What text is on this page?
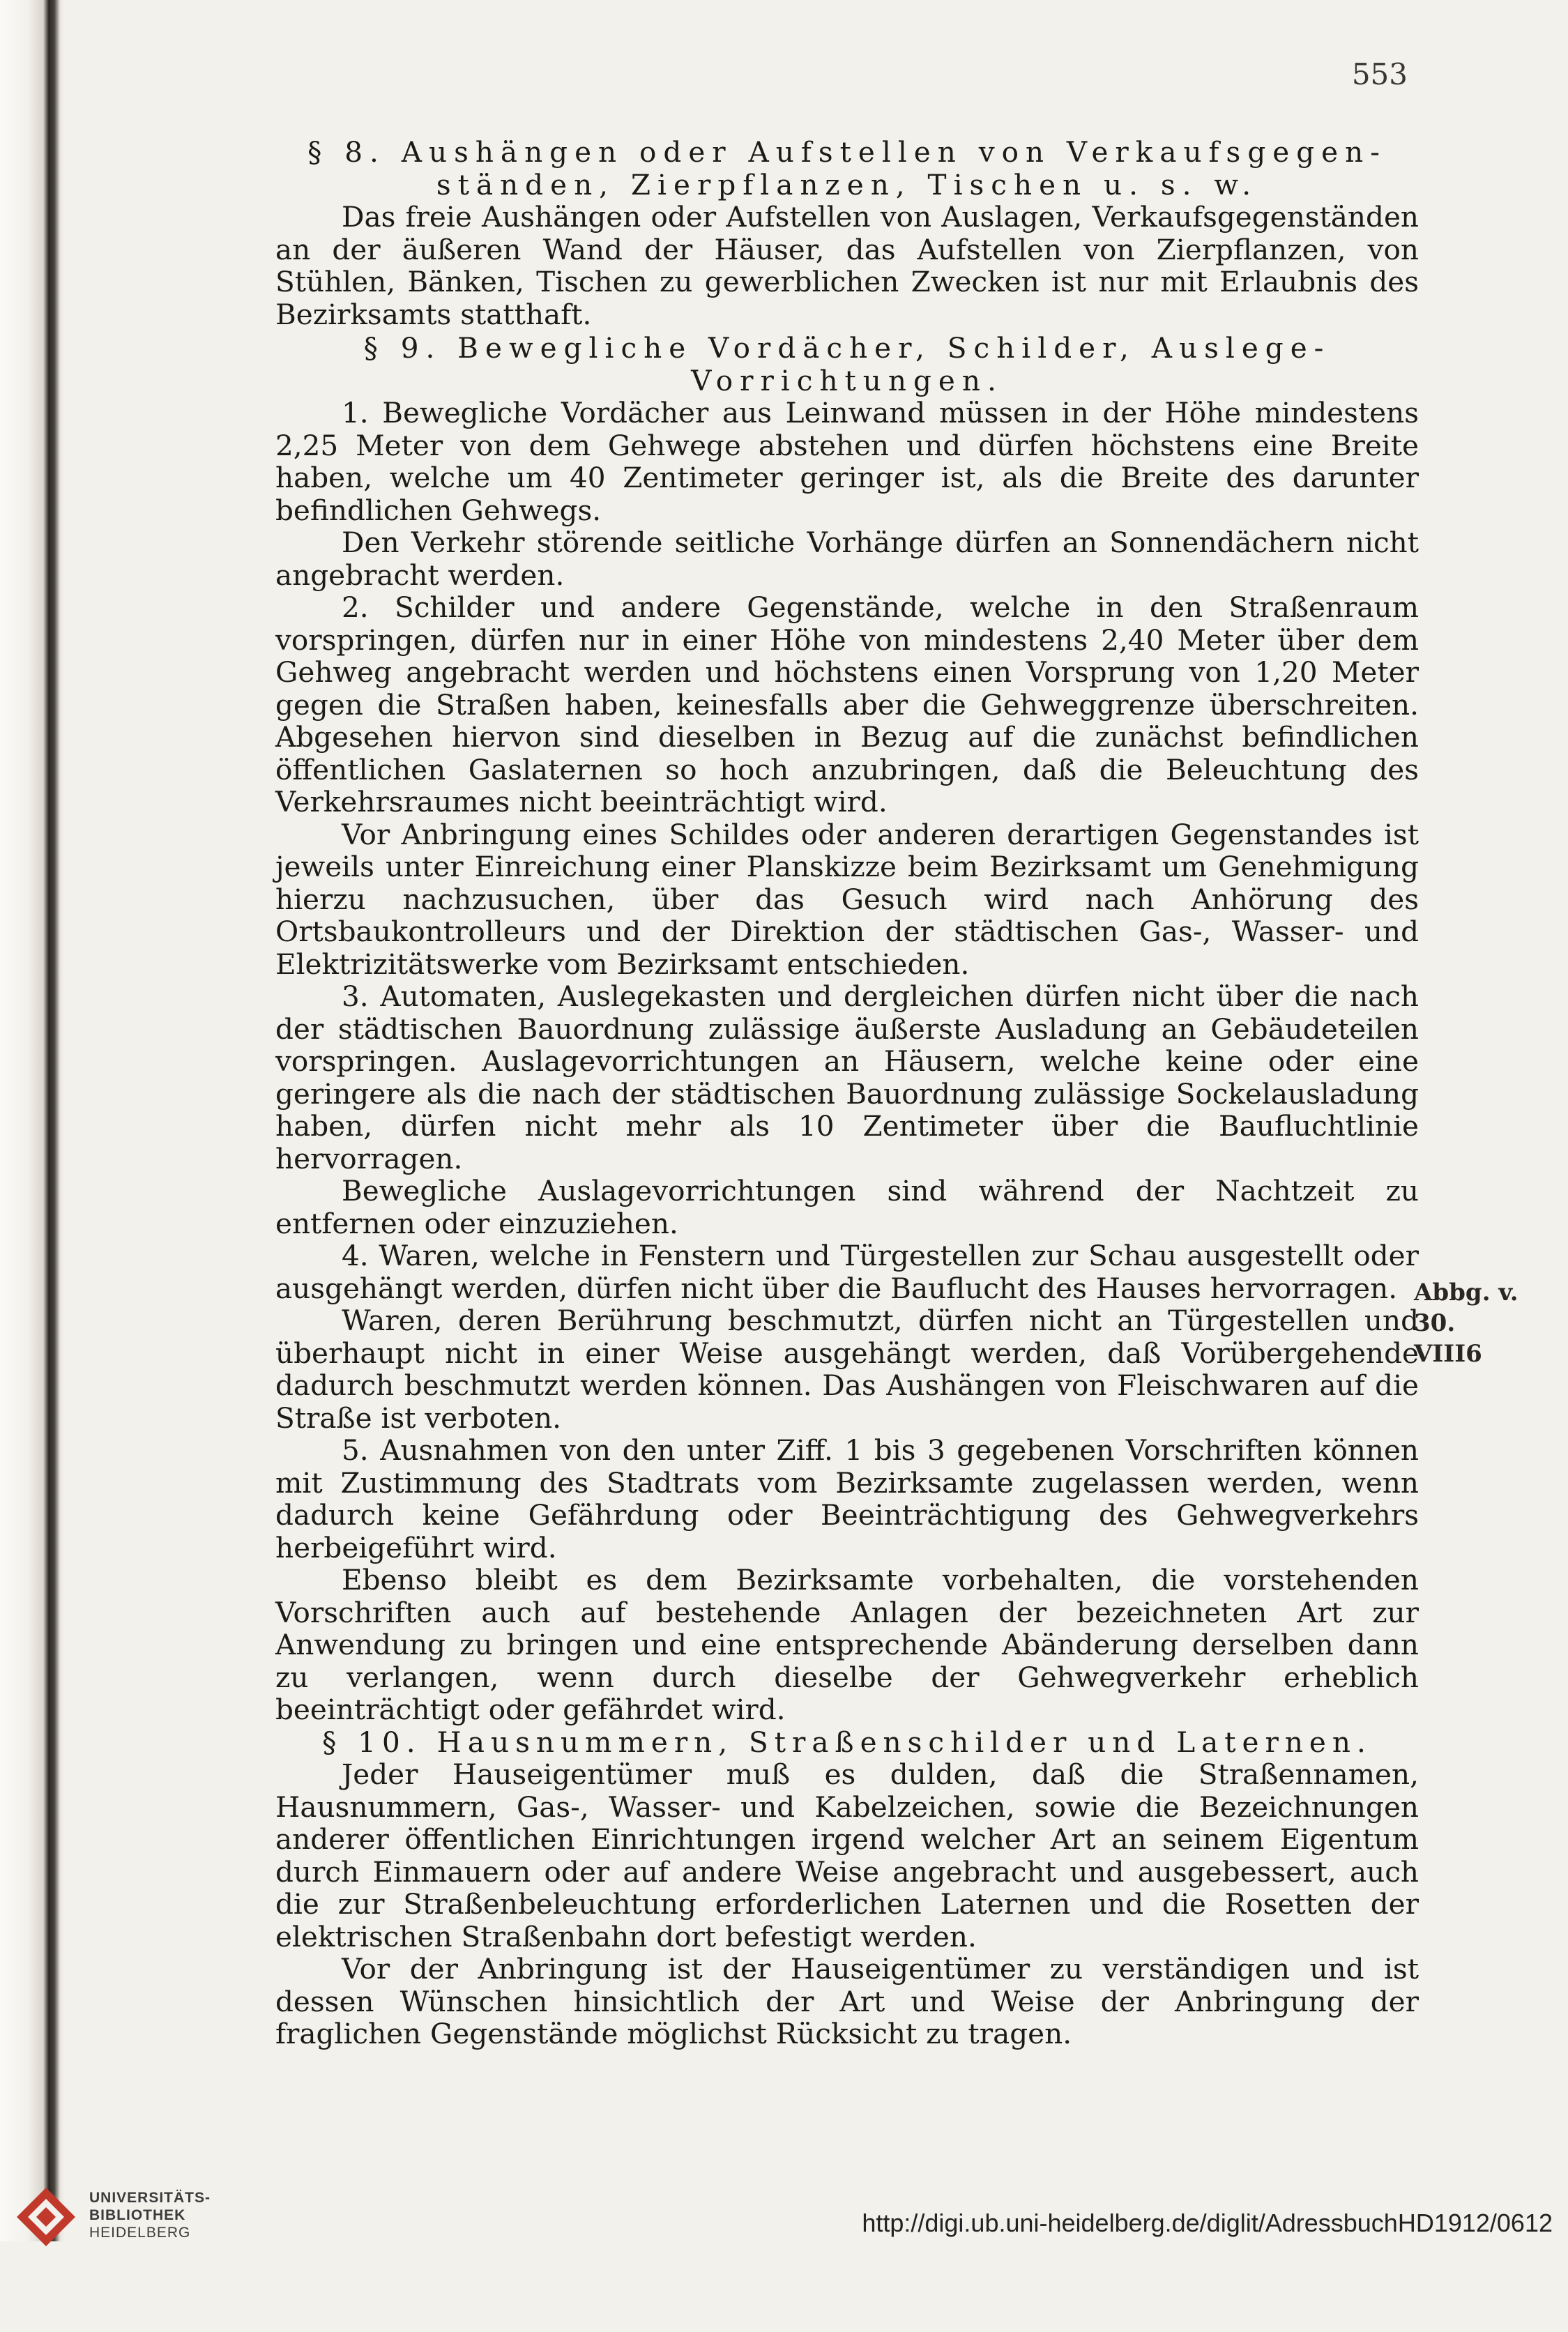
553

§ 8. Aushängen oder Aufstellen von Verkaufsgegen-

ständen, Zierpflanzen, Tischen u. s. w.

Das freie Aushängen oder Aufstellen von Auslagen, Verkaufsgegenständen an der äußeren Wand der Häuser, das Aufstellen von Zierpflanzen, von Stühlen, Bänken, Tischen zu gewerblichen Zwecken ist nur mit Erlaubnis des Bezirksamts statthaft.

§ 9. Bewegliche Vordächer, Schilder, Auslege-

Vorrichtungen.

1. Bewegliche Vordächer aus Leinwand müssen in der Höhe mindestens 2,25 Meter von dem Gehwege abstehen und dürfen höchstens eine Breite haben, welche um 40 Zentimeter geringer ist, als die Breite des darunter befindlichen Gehwegs.

Den Verkehr störende seitliche Vorhänge dürfen an Sonnendächern nicht angebracht werden.

2. Schilder und andere Gegenstände, welche in den Straßenraum vorspringen, dürfen nur in einer Höhe von mindestens 2,40 Meter über dem Gehweg angebracht werden und höchstens einen Vorsprung von 1,20 Meter gegen die Straßen haben, keinesfalls aber die Gehweggrenze überschreiten. Abgesehen hiervon sind dieselben in Bezug auf die zunächst befindlichen öffentlichen Gaslaternen so hoch anzubringen, daß die Beleuchtung des Verkehrsraumes nicht beeinträchtigt wird.

Vor Anbringung eines Schildes oder anderen derartigen Gegenstandes ist jeweils unter Einreichung einer Planskizze beim Bezirksamt um Genehmigung hierzu nachzusuchen, über das Gesuch wird nach Anhörung des Ortsbaukontrolleurs und der Direktion der städtischen Gas-, Wasser- und Elektrizitätswerke vom Bezirksamt entschieden.

3. Automaten, Auslegekasten und dergleichen dürfen nicht über die nach der städtischen Bauordnung zulässige äußerste Ausladung an Gebäudeteilen vorspringen. Auslagevorrichtungen an Häusern, welche keine oder eine geringere als die nach der städtischen Bauordnung zulässige Sockelausladung haben, dürfen nicht mehr als 10 Zentimeter über die Baufluchtlinie hervorragen.

Bewegliche Auslagevorrichtungen sind während der Nachtzeit zu entfernen oder einzuziehen.

4. Waren, welche in Fenstern und Türgestellen zur Schau ausgestellt oder ausgehängt werden, dürfen nicht über die Bauflucht des Hauses hervorragen.

Waren, deren Berührung beschmutzt, dürfen nicht an Türgestellen und überhaupt nicht in einer Weise ausgehängt werden, daß Vorübergehende dadurch beschmutzt werden können. Das Aushängen von Fleischwaren auf die Straße ist verboten.

5. Ausnahmen von den unter Ziff. 1 bis 3 gegebenen Vorschriften können mit Zustimmung des Stadtrats vom Bezirksamte zugelassen werden, wenn dadurch keine Gefährdung oder Beeinträchtigung des Gehwegverkehrs herbeigeführt wird.

Ebenso bleibt es dem Bezirksamte vorbehalten, die vorstehenden Vorschriften auch auf bestehende Anlagen der bezeichneten Art zur Anwendung zu bringen und eine entsprechende Abänderung derselben dann zu verlangen, wenn durch dieselbe der Gehwegverkehr erheblich beeinträchtigt oder gefährdet wird.

§ 10. Hausnummern, Straßenschilder und Laternen.

Jeder Hauseigentümer muß es dulden, daß die Straßennamen, Hausnummern, Gas-, Wasser- und Kabelzeichen, sowie die Bezeichnungen anderer öffentlichen Einrichtungen irgend welcher Art an seinem Eigentum durch Einmauern oder auf andere Weise angebracht und ausgebessert, auch die zur Straßenbeleuchtung erforderlichen Laternen und die Rosetten der elektrischen Straßenbahn dort befestigt werden.

Vor der Anbringung ist der Hauseigentümer zu verständigen und ist dessen Wünschen hinsichtlich der Art und Weise der Anbringung der fraglichen Gegenstände möglichst Rücksicht zu tragen.

Abbg. v.
30. VIII6
UNIVERSITÄTS-
BIBLIOTHEK
HEIDELBERG	http://digi.ub.uni-heidelberg.de/diglit/AdressbuchHD1912/0612
